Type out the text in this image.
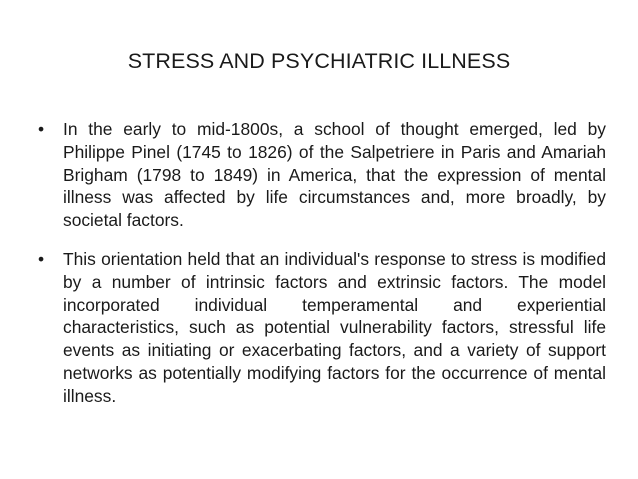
STRESS AND PSYCHIATRIC ILLNESS
• In the early to mid-1800s, a school of thought emerged, led by Philippe Pinel (1745 to 1826) of the Salpetriere in Paris and Amariah Brigham (1798 to 1849) in America, that the expression of mental illness was affected by life circumstances and, more broadly, by societal factors.
• This orientation held that an individual's response to stress is modified by a number of intrinsic factors and extrinsic factors. The model incorporated individual temperamental and experiential characteristics, such as potential vulnerability factors, stressful life events as initiating or exacerbating factors, and a variety of support networks as potentially modifying factors for the occurrence of mental illness.
